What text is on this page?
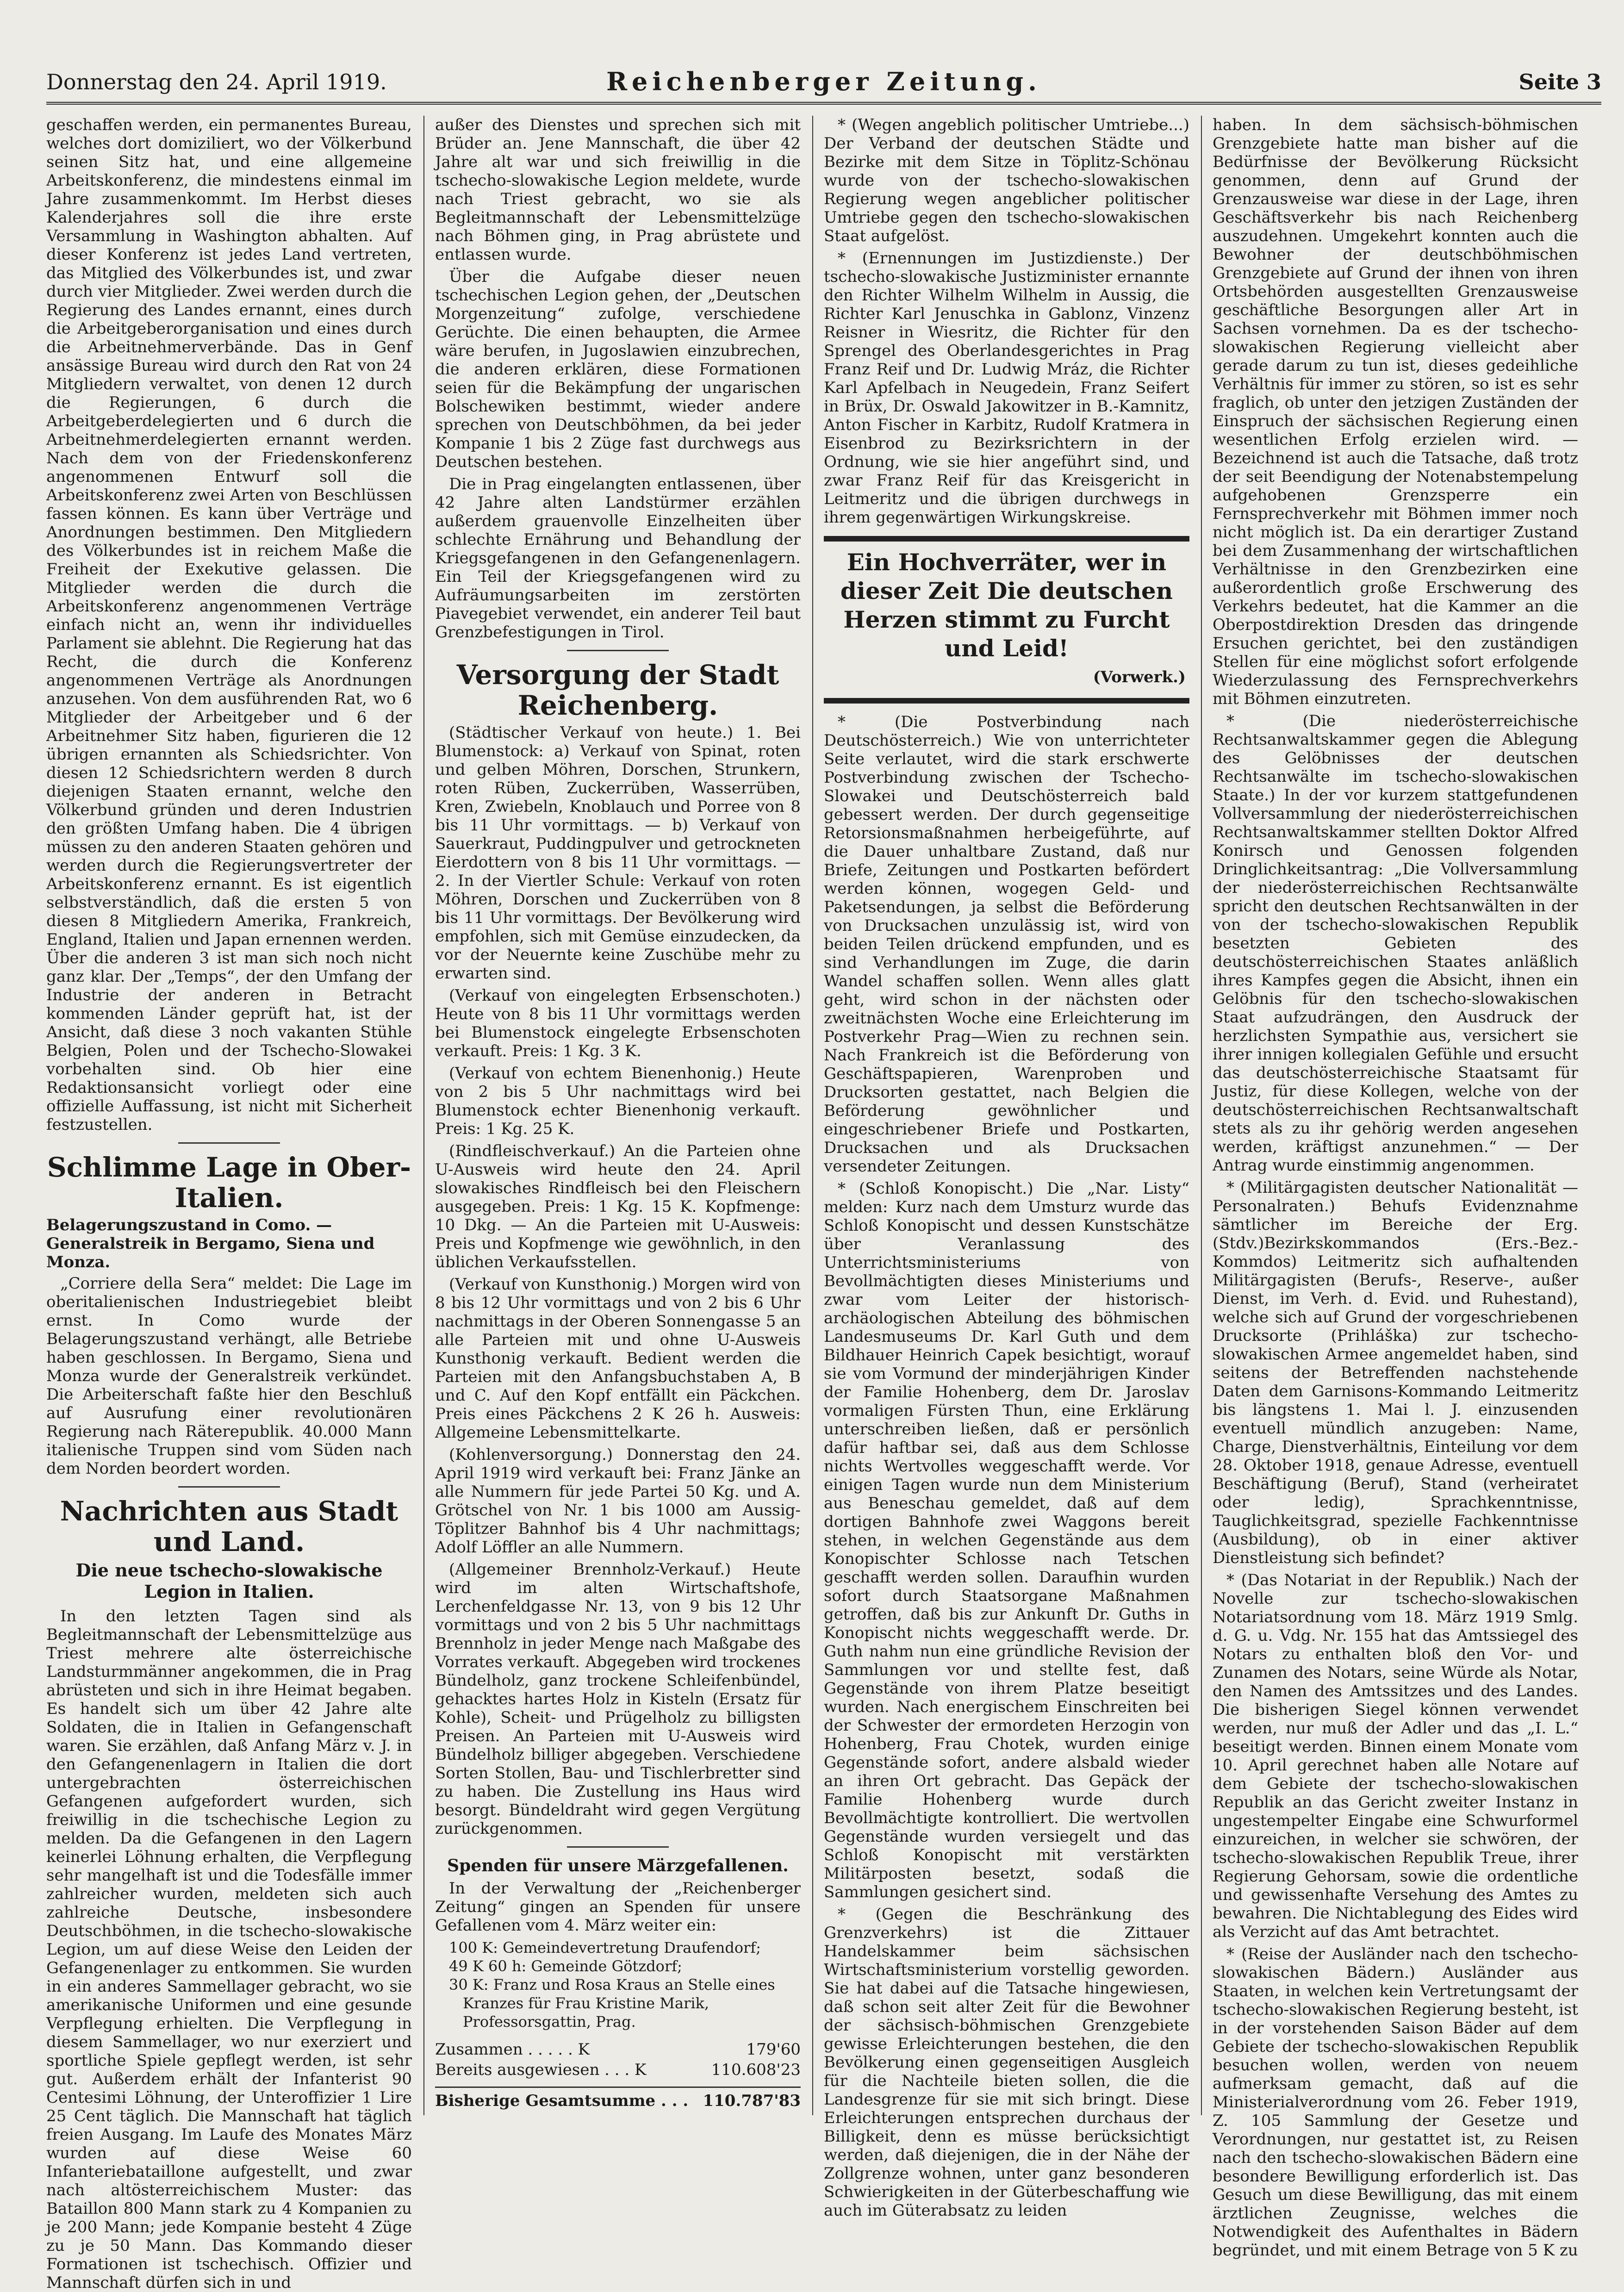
Donnerstag den 24. April 1919.	Reichenberger Zeitung.	Seite 3

geschaffen werden, ein permanentes Bureau, welches dort domiziliert, wo der Völkerbund seinen Sitz hat, und eine allgemeine Arbeitskonferenz, die mindestens einmal im Jahre zusammenkommt. Im Herbst dieses Kalenderjahres soll die ihre erste Versammlung in Washington abhalten. Auf dieser Konferenz ist jedes Land vertreten, das Mitglied des Völkerbundes ist, und zwar durch vier Mitglieder. Zwei werden durch die Regierung des Landes ernannt, eines durch die Arbeitgeberorganisation und eines durch die Arbeitnehmerverbände. Das in Genf ansässige Bureau wird durch den Rat von 24 Mitgliedern verwaltet, von denen 12 durch die Regierungen, 6 durch die Arbeitgeberdelegierten und 6 durch die Arbeitnehmerdelegierten ernannt werden. Nach dem von der Friedenskonferenz angenommenen Entwurf soll die Arbeitskonferenz zwei Arten von Beschlüssen fassen können. Es kann über Verträge und Anordnungen bestimmen. Den Mitgliedern des Völkerbundes ist in reichem Maße die Freiheit der Exekutive gelassen. Die Mitglieder werden die durch die Arbeitskonferenz angenommenen Verträge einfach nicht an, wenn ihr individuelles Parlament sie ablehnt. Die Regierung hat das Recht, die durch die Konferenz angenommenen Verträge als Anordnungen anzusehen. Von dem ausführenden Rat, wo 6 Mitglieder der Arbeitgeber und 6 der Arbeitnehmer Sitz haben, figurieren die 12 übrigen ernannten als Schiedsrichter. Von diesen 12 Schiedsrichtern werden 8 durch diejenigen Staaten ernannt, welche den Völkerbund gründen und deren Industrien den größten Umfang haben. Die 4 übrigen müssen zu den anderen Staaten gehören und werden durch die Regierungsvertreter der Arbeitskonferenz ernannt. Es ist eigentlich selbstverständlich, daß die ersten 5 von diesen 8 Mitgliedern Amerika, Frankreich, England, Italien und Japan ernennen werden. Über die anderen 3 ist man sich noch nicht ganz klar. Der „Temps“, der den Umfang der Industrie der anderen in Betracht kommenden Länder geprüft hat, ist der Ansicht, daß diese 3 noch vakanten Stühle Belgien, Polen und der Tschecho-Slowakei vorbehalten sind. Ob hier eine Redaktionsansicht vorliegt oder eine offizielle Auffassung, ist nicht mit Sicherheit festzustellen.

Schlimme Lage in Ober-Italien.
Belagerungszustand in Como. — Generalstreik in Bergamo, Siena und Monza.

„Corriere della Sera“ meldet: Die Lage im oberitalienischen Industriegebiet bleibt ernst. In Como wurde der Belagerungszustand verhängt, alle Betriebe haben geschlossen. In Bergamo, Siena und Monza wurde der Generalstreik verkündet. Die Arbeiterschaft faßte hier den Beschluß auf Ausrufung einer revolutionären Regierung nach Räterepublik. 40.000 Mann italienische Truppen sind vom Süden nach dem Norden beordert worden.

Nachrichten aus Stadt und Land.
Die neue tschecho-slowakische Legion in Italien.

In den letzten Tagen sind als Begleitmannschaft der Lebensmittelzüge aus Triest mehrere alte österreichische Landsturmmänner angekommen, die in Prag abrüsteten und sich in ihre Heimat begaben. Es handelt sich um über 42 Jahre alte Soldaten, die in Italien in Gefangenschaft waren. Sie erzählen, daß Anfang März v. J. in den Gefangenenlagern in Italien die dort untergebrachten österreichischen Gefangenen aufgefordert wurden, sich freiwillig in die tschechische Legion zu melden. Da die Gefangenen in den Lagern keinerlei Löhnung erhalten, die Verpflegung sehr mangelhaft ist und die Todesfälle immer zahlreicher wurden, meldeten sich auch zahlreiche Deutsche, insbesondere Deutschböhmen, in die tschecho-slowakische Legion, um auf diese Weise den Leiden der Gefangenenlager zu entkommen. Sie wurden in ein anderes Sammellager gebracht, wo sie amerikanische Uniformen und eine gesunde Verpflegung erhielten. Die Verpflegung in diesem Sammellager, wo nur exerziert und sportliche Spiele gepflegt werden, ist sehr gut. Außerdem erhält der Infanterist 90 Centesimi Löhnung, der Unteroffizier 1 Lire 25 Cent täglich. Die Mannschaft hat täglich freien Ausgang. Im Laufe des Monates März wurden auf diese Weise 60 Infanteriebataillone aufgestellt, und zwar nach altösterreichischem Muster: das Bataillon 800 Mann stark zu 4 Kompanien zu je 200 Mann; jede Kompanie besteht 4 Züge zu je 50 Mann. Das Kommando dieser Formationen ist tschechisch. Offizier und Mannschaft dürfen sich in und

außer des Dienstes und sprechen sich mit Brüder an. Jene Mannschaft, die über 42 Jahre alt war und sich freiwillig in die tschecho-slowakische Legion meldete, wurde nach Triest gebracht, wo sie als Begleitmannschaft der Lebensmittelzüge nach Böhmen ging, in Prag abrüstete und entlassen wurde.

Über die Aufgabe dieser neuen tschechischen Legion gehen, der „Deutschen Morgenzeitung“ zufolge, verschiedene Gerüchte. Die einen behaupten, die Armee wäre berufen, in Jugoslawien einzubrechen, die anderen erklären, diese Formationen seien für die Bekämpfung der ungarischen Bolschewiken bestimmt, wieder andere sprechen von Deutschböhmen, da bei jeder Kompanie 1 bis 2 Züge fast durchwegs aus Deutschen bestehen.

Die in Prag eingelangten entlassenen, über 42 Jahre alten Landstürmer erzählen außerdem grauenvolle Einzelheiten über schlechte Ernährung und Behandlung der Kriegsgefangenen in den Gefangenenlagern. Ein Teil der Kriegsgefangenen wird zu Aufräumungsarbeiten im zerstörten Piavegebiet verwendet, ein anderer Teil baut Grenzbefestigungen in Tirol.

Versorgung der Stadt Reichenberg.

(Städtischer Verkauf von heute.) 1. Bei Blumenstock: a) Verkauf von Spinat, roten und gelben Möhren, Dorschen, Strunkern, roten Rüben, Zuckerrüben, Wasserrüben, Kren, Zwiebeln, Knoblauch und Porree von 8 bis 11 Uhr vormittags. — b) Verkauf von Sauerkraut, Puddingpulver und getrockneten Eierdottern von 8 bis 11 Uhr vormittags. — 2. In der Viertler Schule: Verkauf von roten Möhren, Dorschen und Zuckerrüben von 8 bis 11 Uhr vormittags. Der Bevölkerung wird empfohlen, sich mit Gemüse einzudecken, da vor der Neuernte keine Zuschübe mehr zu erwarten sind.

(Verkauf von eingelegten Erbsenschoten.) Heute von 8 bis 11 Uhr vormittags werden bei Blumenstock eingelegte Erbsenschoten verkauft. Preis: 1 Kg. 3 K.

(Verkauf von echtem Bienenhonig.) Heute von 2 bis 5 Uhr nachmittags wird bei Blumenstock echter Bienenhonig verkauft. Preis: 1 Kg. 25 K.

(Rindfleischverkauf.) An die Parteien ohne U-Ausweis wird heute den 24. April slowakisches Rindfleisch bei den Fleischern ausgegeben. Preis: 1 Kg. 15 K. Kopfmenge: 10 Dkg. — An die Parteien mit U-Ausweis: Preis und Kopfmenge wie gewöhnlich, in den üblichen Verkaufsstellen.

(Verkauf von Kunsthonig.) Morgen wird von 8 bis 12 Uhr vormittags und von 2 bis 6 Uhr nachmittags in der Oberen Sonnengasse 5 an alle Parteien mit und ohne U-Ausweis Kunsthonig verkauft. Bedient werden die Parteien mit den Anfangsbuchstaben A, B und C. Auf den Kopf entfällt ein Päckchen. Preis eines Päckchens 2 K 26 h. Ausweis: Allgemeine Lebensmittelkarte.

(Kohlenversorgung.) Donnerstag den 24. April 1919 wird verkauft bei: Franz Jänke an alle Nummern für jede Partei 50 Kg. und A. Grötschel von Nr. 1 bis 1000 am Aussig-Töplitzer Bahnhof bis 4 Uhr nachmittags; Adolf Löffler an alle Nummern.

(Allgemeiner Brennholz-Verkauf.) Heute wird im alten Wirtschaftshofe, Lerchenfeldgasse Nr. 13, von 9 bis 12 Uhr vormittags und von 2 bis 5 Uhr nachmittags Brennholz in jeder Menge nach Maßgabe des Vorrates verkauft. Abgegeben wird trockenes Bündelholz, ganz trockene Schleifenbündel, gehacktes hartes Holz in Kisteln (Ersatz für Kohle), Scheit- und Prügelholz zu billigsten Preisen. An Parteien mit U-Ausweis wird Bündelholz billiger abgegeben. Verschiedene Sorten Stollen, Bau- und Tischlerbretter sind zu haben. Die Zustellung ins Haus wird besorgt. Bündeldraht wird gegen Vergütung zurückgenommen.

Spenden für unsere Märzgefallenen.

In der Verwaltung der „Reichenberger Zeitung“ gingen an Spenden für unsere Gefallenen vom 4. März weiter ein:

100 K: Gemeindevertretung Draufendorf;

49 K 60 h: Gemeinde Götzdorf;

30 K: Franz und Rosa Kraus an Stelle eines Kranzes für Frau Kristine Marik, Professorsgattin, Prag.

Zusammen . . . . . K	179'60
Bereits ausgewiesen . . . K	110.608'23
Bisherige Gesamtsumme . . . 110.787'83

* (Wegen angeblich politischer Umtriebe...) Der Verband der deutschen Städte und Bezirke mit dem Sitze in Töplitz-Schönau wurde von der tschecho-slowakischen Regierung wegen angeblicher politischer Umtriebe gegen den tschecho-slowakischen Staat aufgelöst.

* (Ernennungen im Justizdienste.) Der tschecho-slowakische Justizminister ernannte den Richter Wilhelm Wilhelm in Aussig, die Richter Karl Jenuschka in Gablonz, Vinzenz Reisner in Wiesritz, die Richter für den Sprengel des Oberlandesgerichtes in Prag Franz Reif und Dr. Ludwig Mráz, die Richter Karl Apfelbach in Neugedein, Franz Seifert in Brüx, Dr. Oswald Jakowitzer in B.-Kamnitz, Anton Fischer in Karbitz, Rudolf Kratmera in Eisenbrod zu Bezirksrichtern in der Ordnung, wie sie hier angeführt sind, und zwar Franz Reif für das Kreisgericht in Leitmeritz und die übrigen durchwegs in ihrem gegenwärtigen Wirkungskreise.

Ein Hochverräter, wer in dieser Zeit Die deutschen Herzen stimmt zu Furcht und Leid!
(Vorwerk.)

* (Die Postverbindung nach Deutschösterreich.) Wie von unterrichteter Seite verlautet, wird die stark erschwerte Postverbindung zwischen der Tschecho-Slowakei und Deutschösterreich bald gebessert werden. Der durch gegenseitige Retorsionsmaßnahmen herbeigeführte, auf die Dauer unhaltbare Zustand, daß nur Briefe, Zeitungen und Postkarten befördert werden können, wogegen Geld- und Paketsendungen, ja selbst die Beförderung von Drucksachen unzulässig ist, wird von beiden Teilen drückend empfunden, und es sind Verhandlungen im Zuge, die darin Wandel schaffen sollen. Wenn alles glatt geht, wird schon in der nächsten oder zweitnächsten Woche eine Erleichterung im Postverkehr Prag—Wien zu rechnen sein. Nach Frankreich ist die Beförderung von Geschäftspapieren, Warenproben und Drucksorten gestattet, nach Belgien die Beförderung gewöhnlicher und eingeschriebener Briefe und Postkarten, Drucksachen und als Drucksachen versendeter Zeitungen.

* (Schloß Konopischt.) Die „Nar. Listy“ melden: Kurz nach dem Umsturz wurde das Schloß Konopischt und dessen Kunstschätze über Veranlassung des Unterrichtsministeriums von Bevollmächtigten dieses Ministeriums und zwar vom Leiter der historisch-archäologischen Abteilung des böhmischen Landesmuseums Dr. Karl Guth und dem Bildhauer Heinrich Capek besichtigt, worauf sie vom Vormund der minderjährigen Kinder der Familie Hohenberg, dem Dr. Jaroslav vormaligen Fürsten Thun, eine Erklärung unterschreiben ließen, daß er persönlich dafür haftbar sei, daß aus dem Schlosse nichts Wertvolles weggeschafft werde. Vor einigen Tagen wurde nun dem Ministerium aus Beneschau gemeldet, daß auf dem dortigen Bahnhofe zwei Waggons bereit stehen, in welchen Gegenstände aus dem Konopischter Schlosse nach Tetschen geschafft werden sollen. Daraufhin wurden sofort durch Staatsorgane Maßnahmen getroffen, daß bis zur Ankunft Dr. Guths in Konopischt nichts weggeschafft werde. Dr. Guth nahm nun eine gründliche Revision der Sammlungen vor und stellte fest, daß Gegenstände von ihrem Platze beseitigt wurden. Nach energischem Einschreiten bei der Schwester der ermordeten Herzogin von Hohenberg, Frau Chotek, wurden einige Gegenstände sofort, andere alsbald wieder an ihren Ort gebracht. Das Gepäck der Familie Hohenberg wurde durch Bevollmächtigte kontrolliert. Die wertvollen Gegenstände wurden versiegelt und das Schloß Konopischt mit verstärkten Militärposten besetzt, sodaß die Sammlungen gesichert sind.

* (Gegen die Beschränkung des Grenzverkehrs) ist die Zittauer Handelskammer beim sächsischen Wirtschaftsministerium vorstellig geworden. Sie hat dabei auf die Tatsache hingewiesen, daß schon seit alter Zeit für die Bewohner der sächsisch-böhmischen Grenzgebiete gewisse Erleichterungen bestehen, die den Bevölkerung einen gegenseitigen Ausgleich für die Nachteile bieten sollen, die die Landesgrenze für sie mit sich bringt. Diese Erleichterungen entsprechen durchaus der Billigkeit, denn es müsse berücksichtigt werden, daß diejenigen, die in der Nähe der Zollgrenze wohnen, unter ganz besonderen Schwierigkeiten in der Güterbeschaffung wie auch im Güterabsatz zu leiden

haben. In dem sächsisch-böhmischen Grenzgebiete hatte man bisher auf die Bedürfnisse der Bevölkerung Rücksicht genommen, denn auf Grund der Grenzausweise war diese in der Lage, ihren Geschäftsverkehr bis nach Reichenberg auszudehnen. Umgekehrt konnten auch die Bewohner der deutschböhmischen Grenzgebiete auf Grund der ihnen von ihren Ortsbehörden ausgestellten Grenzausweise geschäftliche Besorgungen aller Art in Sachsen vornehmen. Da es der tschecho-slowakischen Regierung vielleicht aber gerade darum zu tun ist, dieses gedeihliche Verhältnis für immer zu stören, so ist es sehr fraglich, ob unter den jetzigen Zuständen der Einspruch der sächsischen Regierung einen wesentlichen Erfolg erzielen wird. — Bezeichnend ist auch die Tatsache, daß trotz der seit Beendigung der Notenabstempelung aufgehobenen Grenzsperre ein Fernsprechverkehr mit Böhmen immer noch nicht möglich ist. Da ein derartiger Zustand bei dem Zusammenhang der wirtschaftlichen Verhältnisse in den Grenzbezirken eine außerordentlich große Erschwerung des Verkehrs bedeutet, hat die Kammer an die Oberpostdirektion Dresden das dringende Ersuchen gerichtet, bei den zuständigen Stellen für eine möglichst sofort erfolgende Wiederzulassung des Fernsprechverkehrs mit Böhmen einzutreten.

* (Die niederösterreichische Rechtsanwaltskammer gegen die Ablegung des Gelöbnisses der deutschen Rechtsanwälte im tschecho-slowakischen Staate.) In der vor kurzem stattgefundenen Vollversammlung der niederösterreichischen Rechtsanwaltskammer stellten Doktor Alfred Konirsch und Genossen folgenden Dringlichkeitsantrag: „Die Vollversammlung der niederösterreichischen Rechtsanwälte spricht den deutschen Rechtsanwälten in der von der tschecho-slowakischen Republik besetzten Gebieten des deutschösterreichischen Staates anläßlich ihres Kampfes gegen die Absicht, ihnen ein Gelöbnis für den tschecho-slowakischen Staat aufzudrängen, den Ausdruck der herzlichsten Sympathie aus, versichert sie ihrer innigen kollegialen Gefühle und ersucht das deutschösterreichische Staatsamt für Justiz, für diese Kollegen, welche von der deutschösterreichischen Rechtsanwaltschaft stets als zu ihr gehörig werden angesehen werden, kräftigst anzunehmen.“ — Der Antrag wurde einstimmig angenommen.

* (Militärgagisten deutscher Nationalität — Personalraten.) Behufs Evidenznahme sämtlicher im Bereiche der Erg.(Stdv.)Bezirkskommandos (Ers.-Bez.-Kommdos) Leitmeritz sich aufhaltenden Militärgagisten (Berufs-, Reserve-, außer Dienst, im Verh. d. Evid. und Ruhestand), welche sich auf Grund der vorgeschriebenen Drucksorte (Prihláška) zur tschecho-slowakischen Armee angemeldet haben, sind seitens der Betreffenden nachstehende Daten dem Garnisons-Kommando Leitmeritz bis längstens 1. Mai l. J. einzusenden eventuell mündlich anzugeben: Name, Charge, Dienstverhältnis, Einteilung vor dem 28. Oktober 1918, genaue Adresse, eventuell Beschäftigung (Beruf), Stand (verheiratet oder ledig), Sprachkenntnisse, Tauglichkeitsgrad, spezielle Fachkenntnisse (Ausbildung), ob in einer aktiver Dienstleistung sich befindet?

* (Das Notariat in der Republik.) Nach der Novelle zur tschecho-slowakischen Notariatsordnung vom 18. März 1919 Smlg. d. G. u. Vdg. Nr. 155 hat das Amtssiegel des Notars zu enthalten bloß den Vor- und Zunamen des Notars, seine Würde als Notar, den Namen des Amtssitzes und des Landes. Die bisherigen Siegel können verwendet werden, nur muß der Adler und das „I. L.“ beseitigt werden. Binnen einem Monate vom 10. April gerechnet haben alle Notare auf dem Gebiete der tschecho-slowakischen Republik an das Gericht zweiter Instanz in ungestempelter Eingabe eine Schwurformel einzureichen, in welcher sie schwören, der tschecho-slowakischen Republik Treue, ihrer Regierung Gehorsam, sowie die ordentliche und gewissenhafte Versehung des Amtes zu bewahren. Die Nichtablegung des Eides wird als Verzicht auf das Amt betrachtet.

* (Reise der Ausländer nach den tschecho-slowakischen Bädern.) Ausländer aus Staaten, in welchen kein Vertretungsamt der tschecho-slowakischen Regierung besteht, ist in der vorstehenden Saison Bäder auf dem Gebiete der tschecho-slowakischen Republik besuchen wollen, werden von neuem aufmerksam gemacht, daß auf die Ministerialverordnung vom 26. Feber 1919, Z. 105 Sammlung der Gesetze und Verordnungen, nur gestattet ist, zu Reisen nach den tschecho-slowakischen Bädern eine besondere Bewilligung erforderlich ist. Das Gesuch um diese Bewilligung, das mit einem ärztlichen Zeugnisse, welches die Notwendigkeit des Aufenthaltes in Bädern begründet, und mit einem Betrage von 5 K zu
